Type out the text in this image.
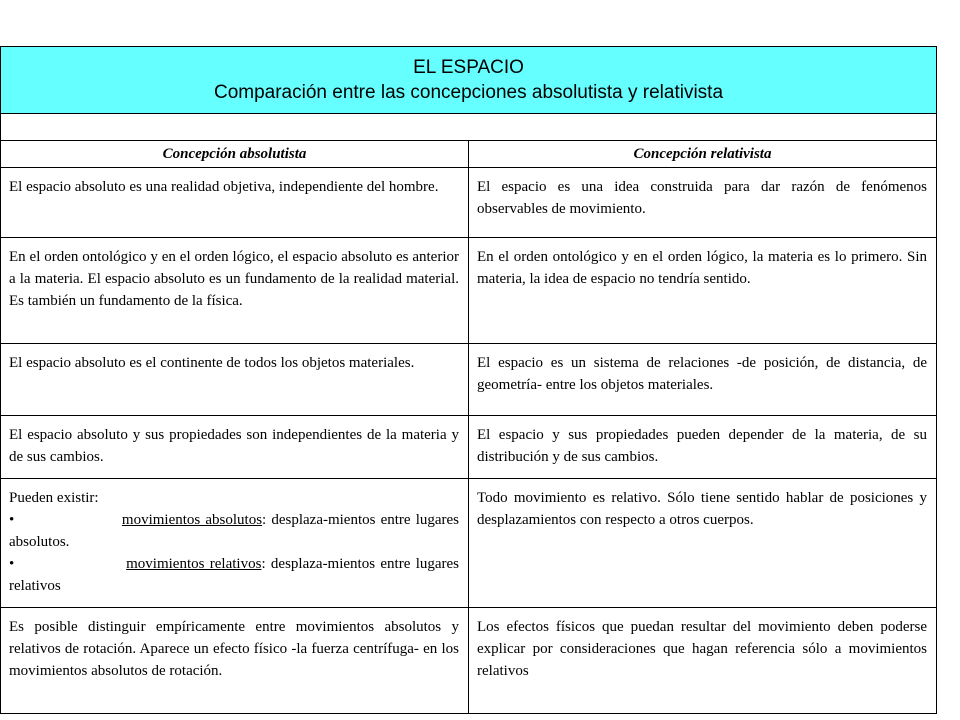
EL ESPACIO
Comparación entre las concepciones absolutista y relativista	

Concepción absolutista	Concepción relativista
El espacio absoluto es una realidad objetiva, independiente del hombre.	El espacio es una idea construida para dar razón de fenómenos observables de movimiento.
En el orden ontológico y en el orden lógico, el espacio absoluto es anterior a la materia. El espacio absoluto es un fundamento de la realidad material. Es también un fundamento de la física.	En el orden ontológico y en el orden lógico, la materia es lo primero. Sin materia, la idea de espacio no tendría sentido.
El espacio absoluto es el continente de todos los objetos materiales.	El espacio es un sistema de relaciones -de posición, de distancia, de geometría- entre los objetos materiales.
El espacio absoluto y sus propiedades son independientes de la materia y de sus cambios.	El espacio y sus propiedades pueden depender de la materia, de su distribución y de sus cambios.

Pueden existir:
• movimientos absolutos: desplaza-mientos entre lugares absolutos.
• movimientos relativos: desplaza-mientos entre lugares relativos	Todo movimiento es relativo. Sólo tiene sentido hablar de posiciones y desplazamientos con respecto a otros cuerpos.
Es posible distinguir empíricamente entre movimientos absolutos y relativos de rotación. Aparece un efecto físico -la fuerza centrífuga- en los movimientos absolutos de rotación.	Los efectos físicos que puedan resultar del movimiento deben poderse explicar por consideraciones que hagan referencia sólo a movimientos relativos
